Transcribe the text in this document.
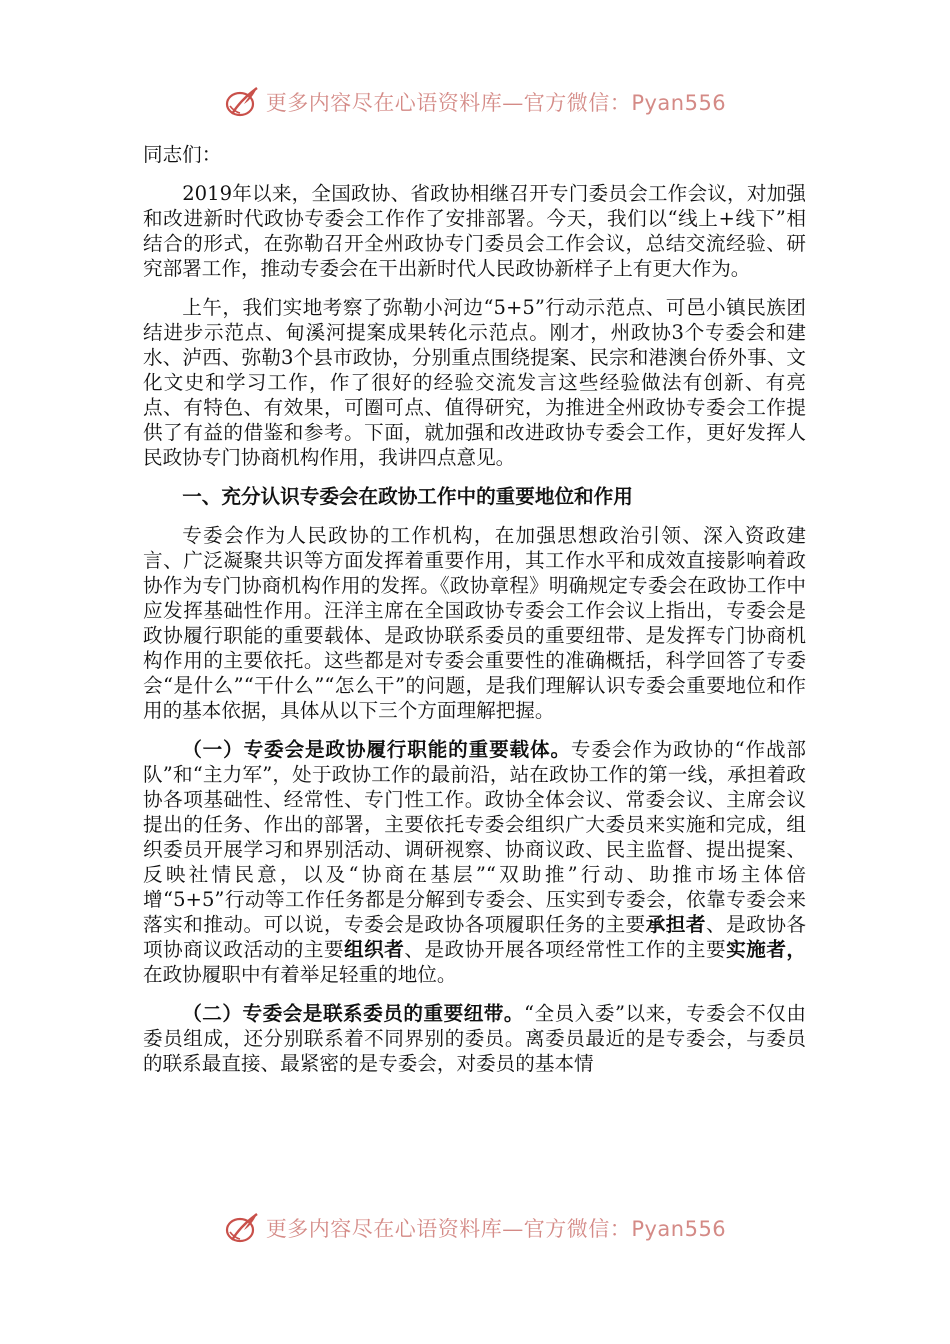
更多内容尽在心语资料库—官方微信：Pyan556

同志们：

2019年以来，全国政协、省政协相继召开专门委员会工作会议，对加强和改进新时代政协专委会工作作了安排部署。今天，我们以“线上+线下”相结合的形式，在弥勒召开全州政协专门委员会工作会议，总结交流经验、研究部署工作，推动专委会在干出新时代人民政协新样子上有更大作为。

上午，我们实地考察了弥勒小河边“5+5”行动示范点、可邑小镇民族团结进步示范点、甸溪河提案成果转化示范点。刚才，州政协3个专委会和建水、泸西、弥勒3个县市政协，分别重点围绕提案、民宗和港澳台侨外事、文化文史和学习工作，作了很好的经验交流发言这些经验做法有创新、有亮点、有特色、有效果，可圈可点、值得研究，为推进全州政协专委会工作提供了有益的借鉴和参考。下面，就加强和改进政协专委会工作，更好发挥人民政协专门协商机构作用，我讲四点意见。

一、充分认识专委会在政协工作中的重要地位和作用

专委会作为人民政协的工作机构，在加强思想政治引领、深入资政建言、广泛凝聚共识等方面发挥着重要作用，其工作水平和成效直接影响着政协作为专门协商机构作用的发挥。《政协章程》明确规定专委会在政协工作中应发挥基础性作用。汪洋主席在全国政协专委会工作会议上指出，专委会是政协履行职能的重要载体、是政协联系委员的重要纽带、是发挥专门协商机构作用的主要依托。这些都是对专委会重要性的准确概括，科学回答了专委会“是什么”“干什么”“怎么干”的问题，是我们理解认识专委会重要地位和作用的基本依据，具体从以下三个方面理解把握。

（一）专委会是政协履行职能的重要载体。专委会作为政协的“作战部队”和“主力军”，处于政协工作的最前沿，站在政协工作的第一线，承担着政协各项基础性、经常性、专门性工作。政协全体会议、常委会议、主席会议提出的任务、作出的部署，主要依托专委会组织广大委员来实施和完成，组织委员开展学习和界别活动、调研视察、协商议政、民主监督、提出提案、反映社情民意，以及“协商在基层”“双助推”行动、助推市场主体倍增“5+5”行动等工作任务都是分解到专委会、压实到专委会，依靠专委会来落实和推动。可以说，专委会是政协各项履职任务的主要承担者、是政协各项协商议政活动的主要组织者、是政协开展各项经常性工作的主要实施者，在政协履职中有着举足轻重的地位。

（二）专委会是联系委员的重要纽带。“全员入委”以来，专委会不仅由委员组成，还分别联系着不同界别的委员。离委员最近的是专委会，与委员的联系最直接、最紧密的是专委会，对委员的基本情

更多内容尽在心语资料库—官方微信：Pyan556
